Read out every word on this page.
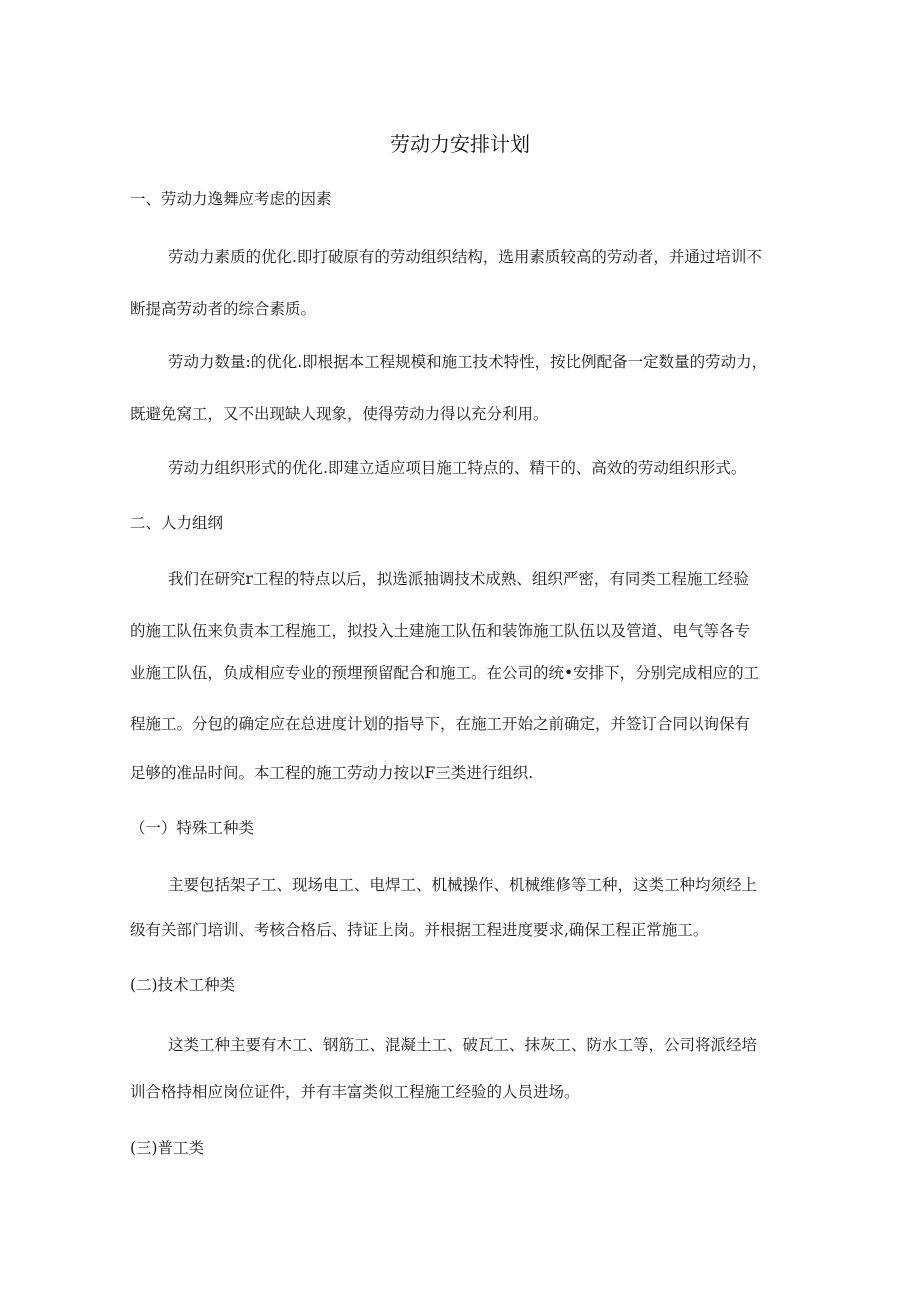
劳动力安排计划
一、劳动力逸舞应考虑的因素
劳动力素质的优化.即打破原有的劳动组织结构，选用素质较高的劳动者，并通过培训不
断提高劳动者的综合素质。
劳动力数量:的优化.即根据本工程规模和施工技术特性，按比例配备一定数量的劳动力，
既避免窝工，又不出现缺人现象，使得劳动力得以充分利用。
劳动力组织形式的优化.即建立适应项目施工特点的、精干的、高效的劳动组织形式。
二、人力组纲
我们在研究r工程的特点以后，拟选派抽调技术成熟、组织严密，有同类工程施工经验
的施工队伍来负责本工程施工，拟投入土建施工队伍和装饰施工队伍以及管道、电气等各专
业施工队伍，负成相应专业的预埋预留配合和施工。在公司的统•安排下，分别完成相应的工
程施工。分包的确定应在总进度计划的指导下，在施工开始之前确定，并签订合同以询保有
足够的准品时间。本工程的施工劳动力按以F三类进行组织.
（一）特殊工种类
主要包括架子工、现场电工、电焊工、机械操作、机械维修等工种，这类工种均须经上
级有关部门培训、考核合格后、持证上岗。并根据工程进度要求,确保工程正常施工。
(二)技术工种类
这类工种主要有木工、钢筋工、混凝土工、破瓦工、抹灰工、防水工等，公司将派经培
训合格持相应岗位证件，并有丰富类似工程施工经验的人员进场。
(三)普工类
